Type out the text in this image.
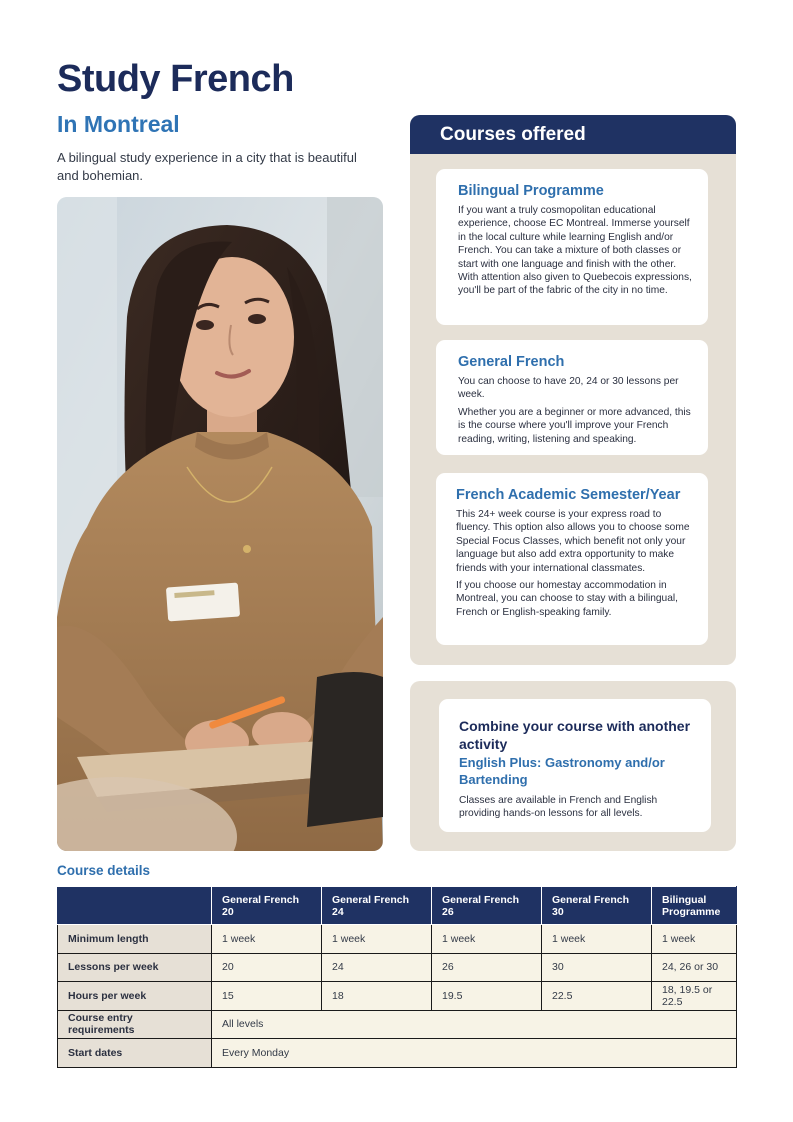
Study French
In Montreal

A bilingual study experience in a city that is beautiful and bohemian.

Courses offered
Bilingual Programme

If you want a truly cosmopolitan educational experience, choose EC Montreal. Immerse yourself in the local culture while learning English and/or French. You can take a mixture of both classes or start with one language and finish with the other. With attention also given to Quebecois expressions, you'll be part of the fabric of the city in no time.

General French

You can choose to have 20, 24 or 30 lessons per week.

Whether you are a beginner or more advanced, this is the course where you'll improve your French reading, writing, listening and speaking.

French Academic Semester/Year

This 24+ week course is your express road to fluency. This option also allows you to choose some Special Focus Classes, which benefit not only your language but also add extra opportunity to make friends with your international classmates.

If you choose our homestay accommodation in Montreal, you can choose to stay with a bilingual, French or English-speaking family.

Combine your course with another activity
English Plus: Gastronomy and/or Bartending

Classes are available in French and English providing hands-on lessons for all levels.

Course details
	General French 20	General French 24	General French 26	General French 30	Bilingual Programme
Minimum length	1 week	1 week	1 week	1 week	1 week
Lessons per week	20	24	26	30	24, 26 or 30
Hours per week	15	18	19.5	22.5	18, 19.5 or 22.5
Course entry requirements	All levels				
Start dates	Every Monday				
